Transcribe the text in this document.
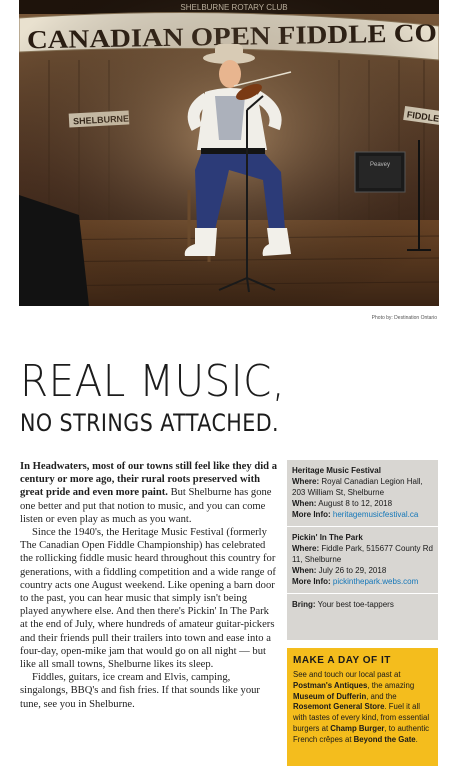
Peavey
Photo by: Destination Ontario
REAL MUSIC,
NO STRINGS ATTACHED.

In Headwaters, most of our towns still feel like they did a century or more ago, their rural roots preserved with great pride and even more paint. But Shelburne has gone one better and put that notion to music, and you can come listen or even play as much as you want.

Since the 1940's, the Heritage Music Festival (formerly The Canadian Open Fiddle Championship) has celebrated the rollicking fiddle music heard throughout this country for generations, with a fiddling competition and a wide range of country acts one August weekend. Like opening a barn door to the past, you can hear music that simply isn't being played anywhere else. And then there's Pickin' In The Park at the end of July, where hundreds of amateur guitar-pickers and their friends pull their trailers into town and ease into a four-day, open-mike jam that would go on all night — but like all small towns, Shelburne likes its sleep.

Fiddles, guitars, ice cream and Elvis, camping, singalongs, BBQ's and fish fries. If that sounds like your tune, see you in Shelburne.

Heritage Music Festival
Where: Royal Canadian Legion Hall, 203 William St, Shelburne
When: August 8 to 12, 2018
More Info: heritagemusicfestival.ca
Pickin' In The Park
Where: Fiddle Park, 515677 County Rd 11, Shelburne
When: July 26 to 29, 2018
More Info: pickinthepark.webs.com
Bring: Your best toe-tappers
MAKE A DAY OF IT
See and touch our local past at Postman's Antiques, the amazing Museum of Dufferin, and the Rosemont General Store. Fuel it all with tastes of every kind, from essential burgers at Champ Burger, to authentic French crêpes at Beyond the Gate.
